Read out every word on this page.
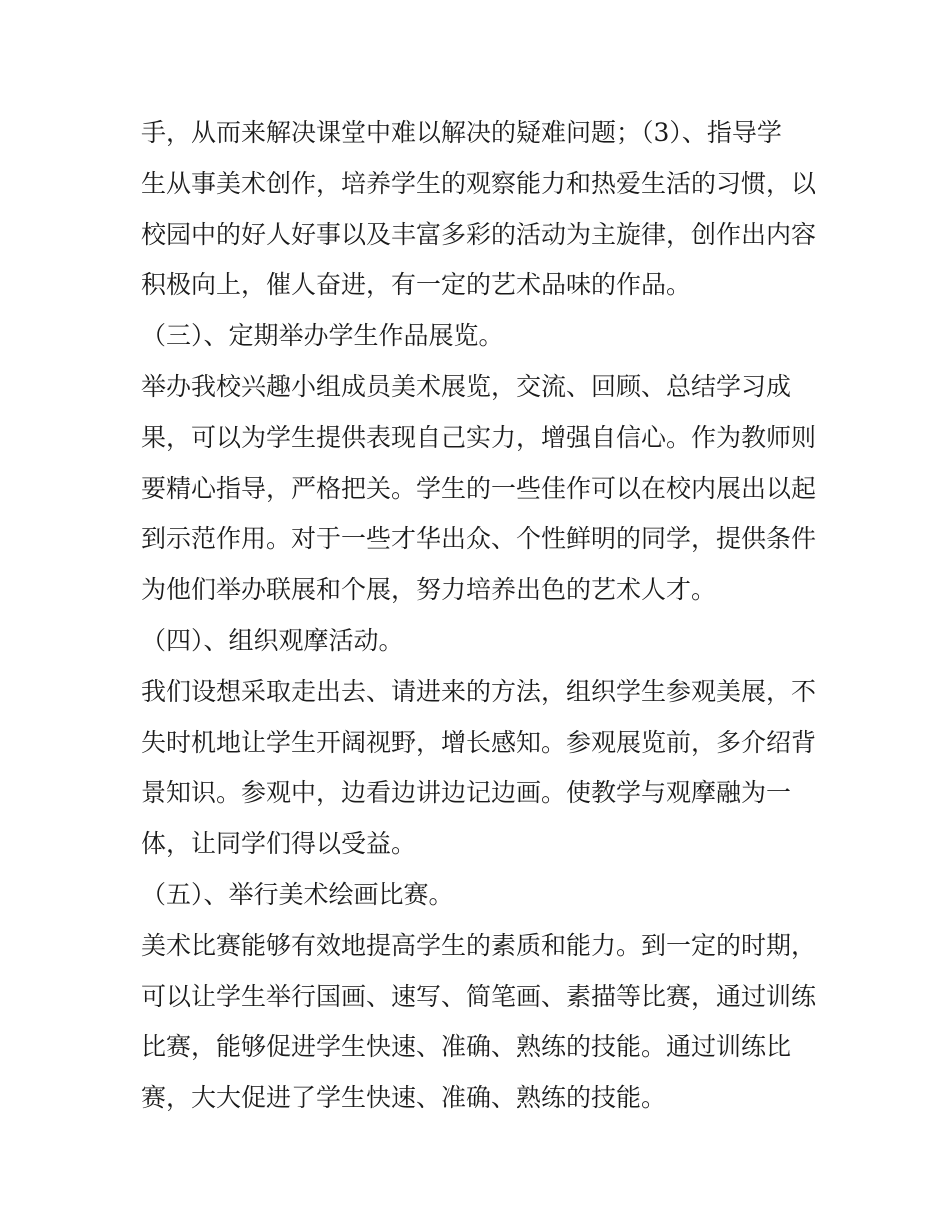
手，从而来解决课堂中难以解决的疑难问题；（3）、指导学

生从事美术创作，培养学生的观察能力和热爱生活的习惯，以

校园中的好人好事以及丰富多彩的活动为主旋律，创作出内容

积极向上，催人奋进，有一定的艺术品味的作品。

（三）、定期举办学生作品展览。

举办我校兴趣小组成员美术展览，交流、回顾、总结学习成

果，可以为学生提供表现自己实力，增强自信心。作为教师则

要精心指导，严格把关。学生的一些佳作可以在校内展出以起

到示范作用。对于一些才华出众、个性鲜明的同学，提供条件

为他们举办联展和个展，努力培养出色的艺术人才。

（四）、组织观摩活动。

我们设想采取走出去、请进来的方法，组织学生参观美展，不

失时机地让学生开阔视野，增长感知。参观展览前，多介绍背

景知识。参观中，边看边讲边记边画。使教学与观摩融为一

体，让同学们得以受益。

（五）、举行美术绘画比赛。

美术比赛能够有效地提高学生的素质和能力。到一定的时期，

可以让学生举行国画、速写、简笔画、素描等比赛，通过训练

比赛，能够促进学生快速、准确、熟练的技能。通过训练比

赛，大大促进了学生快速、准确、熟练的技能。
